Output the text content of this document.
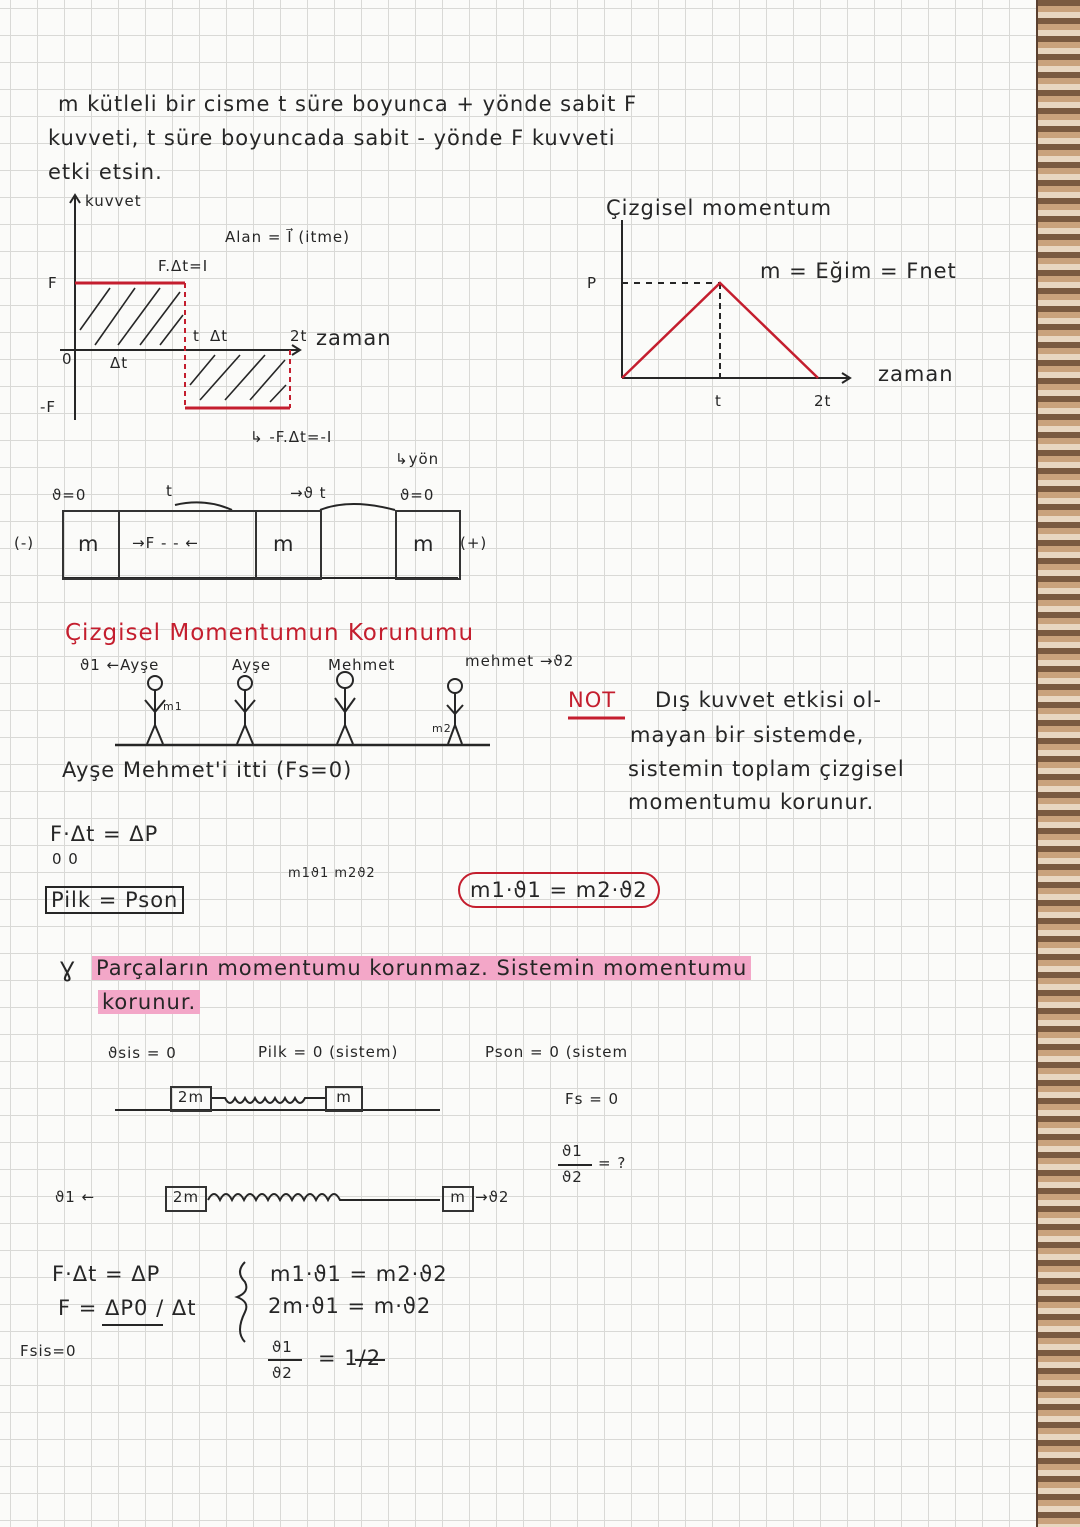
m kütleli bir cisme t süre boyunca + yönde sabit F
kuvveti, t süre boyuncada sabit - yönde F kuvveti
etki etsin.
kuvvet
Alan = I⃗ (itme)
F.Δt=I
F
-F
0 Δt
t Δt	2t zaman
↳ -F.Δt=-I
↳yön
Çizgisel momentum
P	m = Eğim = Fnet
zaman
t	2t
ϑ=0	t	→ϑ t	ϑ=0
(-) m →F - - ←	m	m (+)
Çizgisel Momentumun Korunumu
ϑ1 ←Ayşe	Ayşe	Mehmet	mehmet →ϑ2
m1
m2
Ayşe Mehmet'i itti (Fs=0)
NOT Dış kuvvet etkisi ol-
mayan bir sistemde,
sistemin toplam çizgisel
momentumu korunur.
F·Δt = ΔP
0 0
Pilk = Pson
m1ϑ1 m2ϑ2
m1·ϑ1 = m2·ϑ2
Ɣ Parçaların momentumu korunmaz. Sistemin momentumu
korunur.
ϑsis = 0	Pilk = 0 (sistem)	Pson = 0 (sistem
2m	m	Fs = 0
ϑ1
ϑ2
= ?
ϑ1 ←	2m	m →ϑ2
F·Δt = ΔP
F = ΔP0 / Δt
Fsis=0
m1·ϑ1 = m2·ϑ2
2m·ϑ1 = m·ϑ2
ϑ1
ϑ2
= 1/2
